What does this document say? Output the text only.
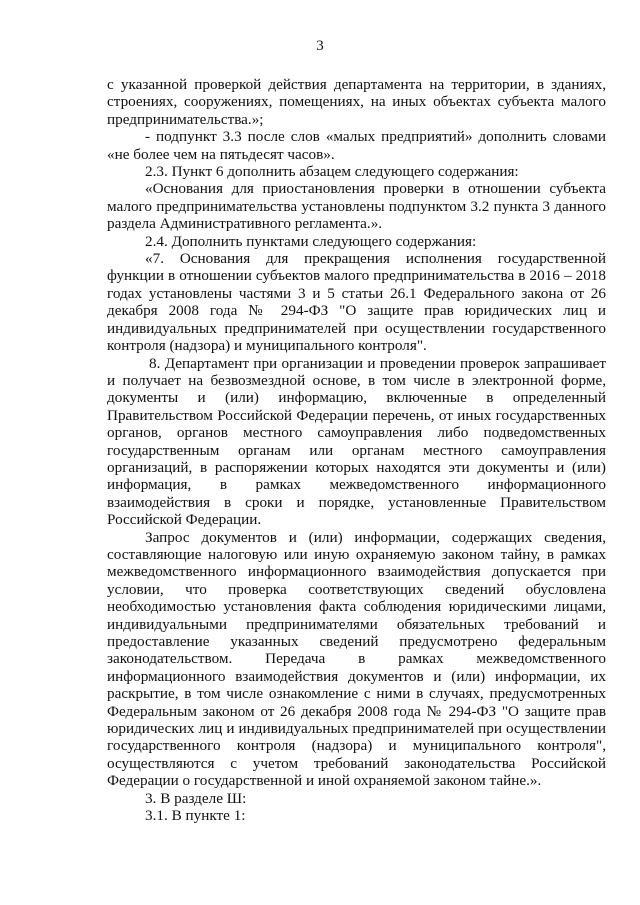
3

с указанной проверкой действия департамента на территории, в зданиях, строениях, сооружениях, помещениях, на иных объектах субъекта малого предпринимательства.»;

- подпункт 3.3 после слов «малых предприятий» дополнить словами «не более чем на пятьдесят часов».

2.3. Пункт 6 дополнить абзацем следующего содержания:

«Основания для приостановления проверки в отношении субъекта малого предпринимательства установлены подпунктом 3.2 пункта 3 данного раздела Административного регламента.».

2.4. Дополнить пунктами следующего содержания:

«7. Основания для прекращения исполнения государственной функции в отношении субъектов малого предпринимательства в 2016 – 2018 годах установлены частями 3 и 5 статьи 26.1 Федерального закона от 26 декабря 2008 года № 294-ФЗ "О защите прав юридических лиц и индивидуальных предпринимателей при осуществлении государственного контроля (надзора) и муниципального контроля".

8. Департамент при организации и проведении проверок запрашивает и получает на безвозмездной основе, в том числе в электронной форме, документы и (или) информацию, включенные в определенный Правительством Российской Федерации перечень, от иных государственных органов, органов местного самоуправления либо подведомственных государственным органам или органам местного самоуправления организаций, в распоряжении которых находятся эти документы и (или) информация, в рамках межведомственного информационного взаимодействия в сроки и порядке, установленные Правительством Российской Федерации.

Запрос документов и (или) информации, содержащих сведения, составляющие налоговую или иную охраняемую законом тайну, в рамках межведомственного информационного взаимодействия допускается при условии, что проверка соответствующих сведений обусловлена необходимостью установления факта соблюдения юридическими лицами, индивидуальными предпринимателями обязательных требований и предоставление указанных сведений предусмотрено федеральным законодательством. Передача в рамках межведомственного информационного взаимодействия документов и (или) информации, их раскрытие, в том числе ознакомление с ними в случаях, предусмотренных Федеральным законом от 26 декабря 2008 года № 294-ФЗ "О защите прав юридических лиц и индивидуальных предпринимателей при осуществлении государственного контроля (надзора) и муниципального контроля", осуществляются с учетом требований законодательства Российской Федерации о государственной и иной охраняемой законом тайне.».

3. В разделе Ш:

3.1. В пункте 1:
